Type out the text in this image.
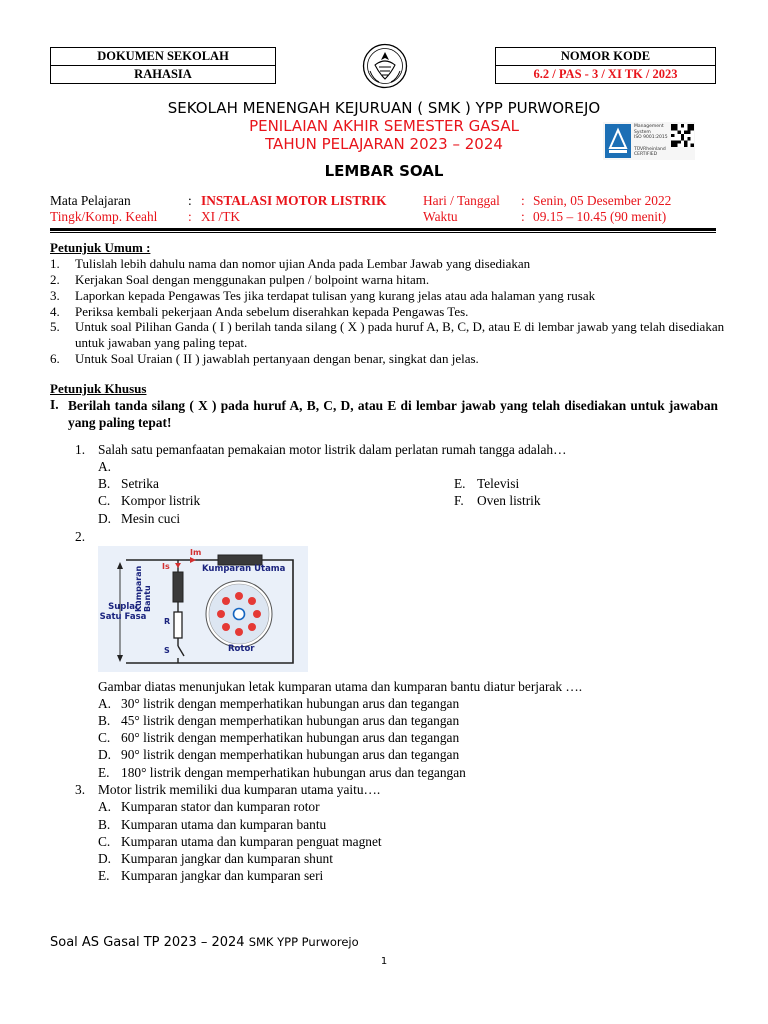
DOKUMEN SEKOLAH
RAHASIA
NOMOR KODE
6.2 / PAS - 3 / XI TK / 2023
SEKOLAH MENENGAH KEJURUAN ( SMK ) YPP PURWOREJO
PENILAIAN AKHIR SEMESTER GASAL
TAHUN PELAJARAN 2023 – 2024
LEMBAR SOAL
Management
System
ISO 9001:2015
TÜVRheinland
CERTIFIED
Mata Pelajaran	: INSTALASI MOTOR LISTRIK	Hari / Tanggal : Senin, 05 Desember 2022
Tingk/Komp. Keahl : XI /TK	Waktu	: 09.15 – 10.45 (90 menit)
Petunjuk Umum :
1. Tulislah lebih dahulu nama dan nomor ujian Anda pada Lembar Jawab yang disediakan
2. Kerjakan Soal dengan menggunakan pulpen / bolpoint warna hitam.
3. Laporkan kepada Pengawas Tes jika terdapat tulisan yang kurang jelas atau ada halaman yang rusak
4. Periksa kembali pekerjaan Anda sebelum diserahkan kepada Pengawas Tes.
5. Untuk soal Pilihan Ganda ( I ) berilah tanda silang ( X ) pada huruf A, B, C, D, atau E di lembar jawab yang telah disediakan untuk jawaban yang paling tepat.
6. Untuk Soal Uraian ( II ) jawablah pertanyaan dengan benar, singkat dan jelas.
Petunjuk Khusus
I. Berilah tanda silang ( X ) pada huruf A, B, C, D, atau E di lembar jawab yang telah disediakan untuk jawaban yang paling tepat!
1. Salah satu pemanfaatan pemakaian motor listrik dalam perlatan rumah tangga adalah…
A.
B. Setrika
C. Kompor listrik
D. Mesin cuci
E. Televisi
F. Oven listrik
2.
Im
Is	Kumparan Utama
Kumparan Bantu
Suplai Satu Fasa R
S	Rotor
Gambar diatas menunjukan letak kumparan utama dan kumparan bantu diatur berjarak ….
A. 30° listrik dengan memperhatikan hubungan arus dan tegangan
B. 45° listrik dengan memperhatikan hubungan arus dan tegangan
C. 60° listrik dengan memperhatikan hubungan arus dan tegangan
D. 90° listrik dengan memperhatikan hubungan arus dan tegangan
E. 180° listrik dengan memperhatikan hubungan arus dan tegangan
3. Motor listrik memiliki dua kumparan utama yaitu….
A. Kumparan stator dan kumparan rotor
B. Kumparan utama dan kumparan bantu
C. Kumparan utama dan kumparan penguat magnet
D. Kumparan jangkar dan kumparan shunt
E. Kumparan jangkar dan kumparan seri
Soal AS Gasal TP 2023 – 2024 SMK YPP Purworejo
1
